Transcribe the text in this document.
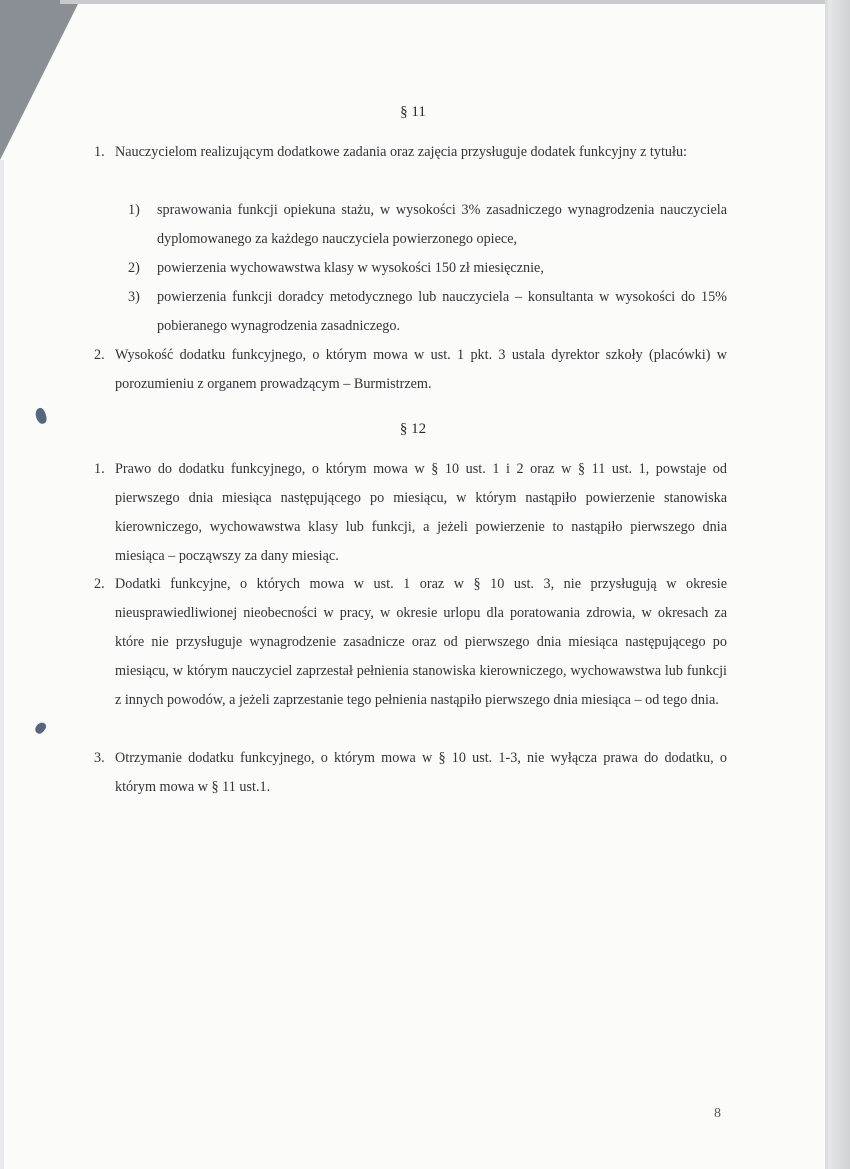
§ 11
1. Nauczycielom realizującym dodatkowe zadania oraz zajęcia przysługuje dodatek funkcyjny z tytułu:
1) sprawowania funkcji opiekuna stażu, w wysokości 3% zasadniczego wynagrodzenia nauczyciela dyplomowanego za każdego nauczyciela powierzonego opiece,
2) powierzenia wychowawstwa klasy w wysokości 150 zł miesięcznie,
3) powierzenia funkcji doradcy metodycznego lub nauczyciela – konsultanta w wysokości do 15% pobieranego wynagrodzenia zasadniczego.
2. Wysokość dodatku funkcyjnego, o którym mowa w ust. 1 pkt. 3 ustala dyrektor szkoły (placówki) w porozumieniu z organem prowadzącym – Burmistrzem.
§ 12
1. Prawo do dodatku funkcyjnego, o którym mowa w § 10 ust. 1 i 2 oraz w § 11 ust. 1, powstaje od pierwszego dnia miesiąca następującego po miesiącu, w którym nastąpiło powierzenie stanowiska kierowniczego, wychowawstwa klasy lub funkcji, a jeżeli powierzenie to nastąpiło pierwszego dnia miesiąca – począwszy za dany miesiąc.
2. Dodatki funkcyjne, o których mowa w ust. 1 oraz w § 10 ust. 3, nie przysługują w okresie nieusprawiedliwionej nieobecności w pracy, w okresie urlopu dla poratowania zdrowia, w okresach za które nie przysługuje wynagrodzenie zasadnicze oraz od pierwszego dnia miesiąca następującego po miesiącu, w którym nauczyciel zaprzestał pełnienia stanowiska kierowniczego, wychowawstwa lub funkcji z innych powodów, a jeżeli zaprzestanie tego pełnienia nastąpiło pierwszego dnia miesiąca – od tego dnia.
3. Otrzymanie dodatku funkcyjnego, o którym mowa w § 10 ust. 1-3, nie wyłącza prawa do dodatku, o którym mowa w § 11 ust.1.
8
